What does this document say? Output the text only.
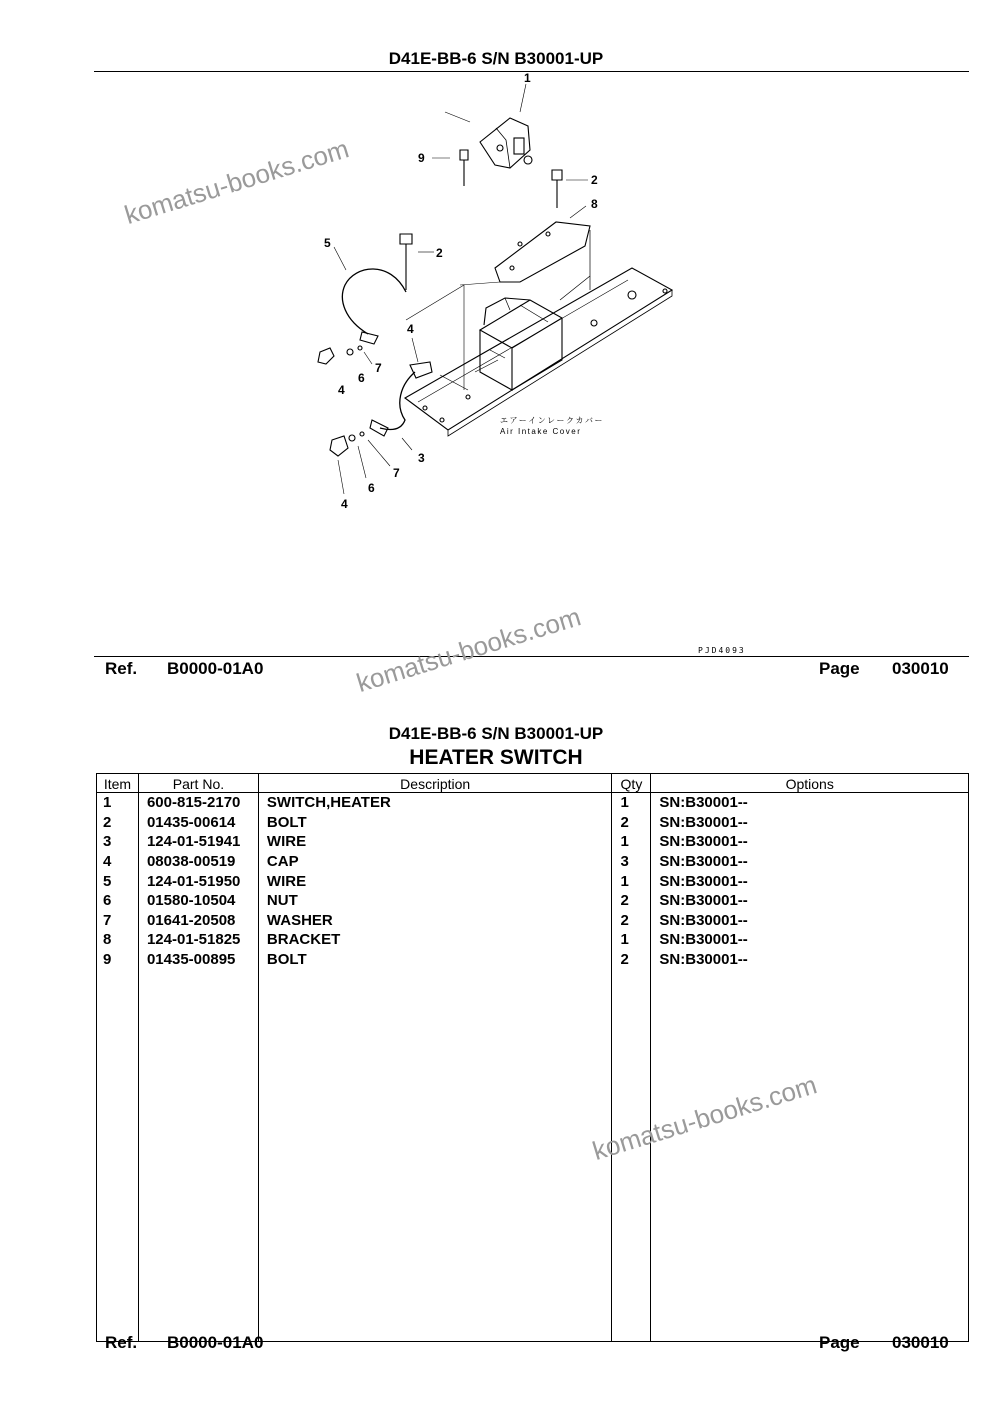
D41E-BB-6 S/N B30001-UP
1
2
2
3
4
4
4
5
6
6
7
7
8
9
エアーインレークカバー
Air Intake Cover
PJD4093
Ref. B0000-01A0	Page 030010
D41E-BB-6 S/N B30001-UP
HEATER SWITCH
Item	Part No.	Description	Qty	Options
1	600-815-2170	SWITCH,HEATER	1	SN:B30001--
2	01435-00614	BOLT	2	SN:B30001--
3	124-01-51941	WIRE	1	SN:B30001--
4	08038-00519	CAP	3	SN:B30001--
5	124-01-51950	WIRE	1	SN:B30001--
6	01580-10504	NUT	2	SN:B30001--
7	01641-20508	WASHER	2	SN:B30001--
8	124-01-51825	BRACKET	1	SN:B30001--
9	01435-00895	BOLT	2	SN:B30001--

Ref. B0000-01A0	Page 030010
komatsu-books.com
komatsu-books.com
komatsu-books.com
